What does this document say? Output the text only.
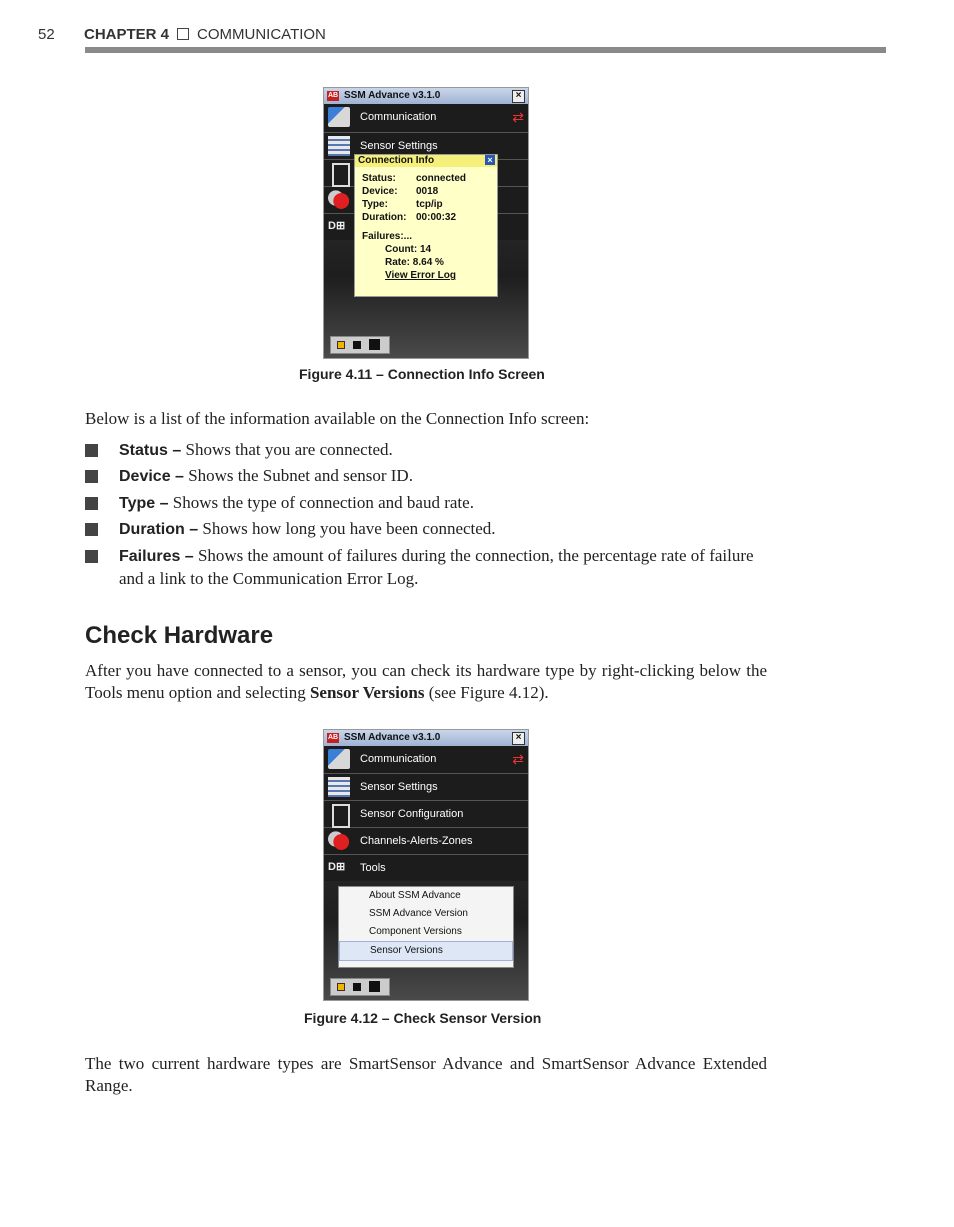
52 CHAPTER 4 COMMUNICATION
AB SSM Advance v3.1.0	×
Communication	⇄
Sensor Settings
D⊞
Connection Info	×
Status: connected
Device: 0018
Type:	tcp/ip
Duration: 00:00:32
Failures:...
Count: 14
Rate: 8.64 %
View Error Log
Figure 4.11 – Connection Info Screen
Below is a list of the information available on the Connection Info screen:
Status – Shows that you are connected.
Device – Shows the Subnet and sensor ID.
Type – Shows the type of connection and baud rate.
Duration – Shows how long you have been connected.
Failures – Shows the amount of failures during the connection, the percentage rate of failure and a link to the Communication Error Log.
Check Hardware
After you have connected to a sensor, you can check its hardware type by right-clicking below the Tools menu option and selecting Sensor Versions (see Figure 4.12).
AB SSM Advance v3.1.0	×
Communication	⇄
Sensor Settings
Sensor Configuration
Channels-Alerts-Zones
D⊞	Tools
About SSM Advance
SSM Advance Version
Component Versions
Sensor Versions
Figure 4.12 – Check Sensor Version
The two current hardware types are SmartSensor Advance and SmartSensor Advance Extended Range.
